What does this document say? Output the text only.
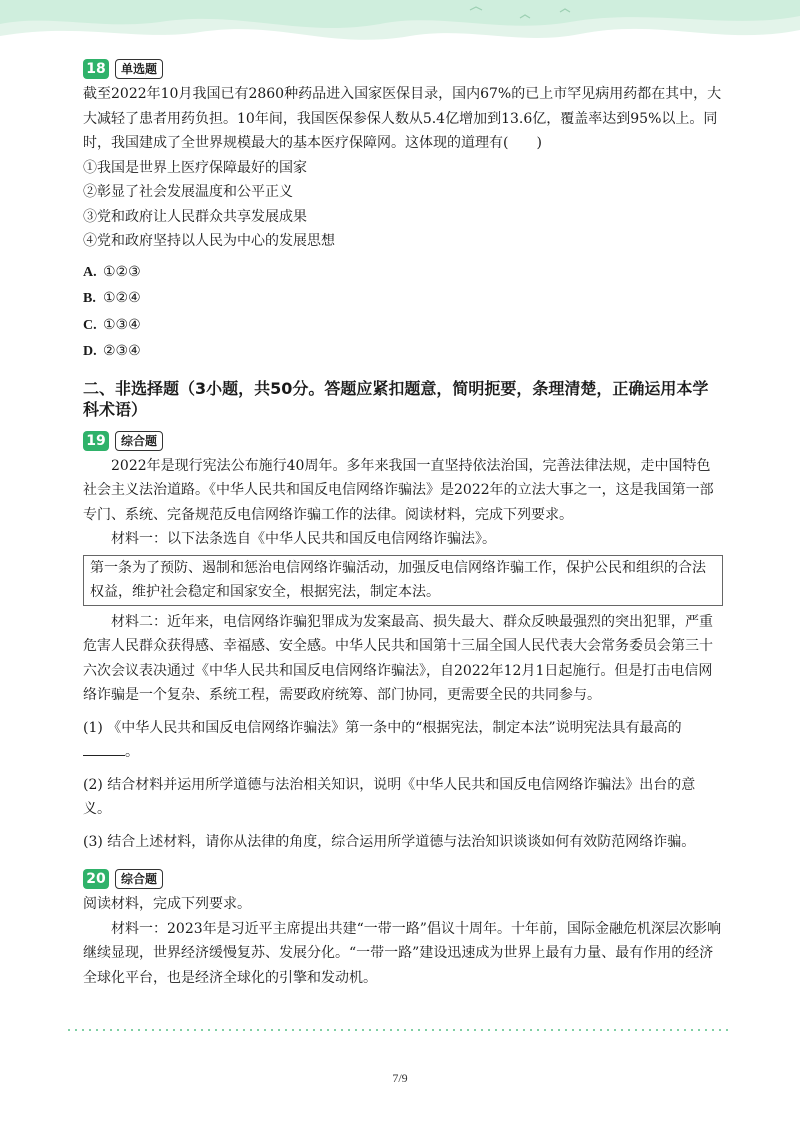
18	单选题

截至2022年10月我国已有2860种药品进入国家医保目录，国内67%的已上市罕见病用药都在其中，大大减轻了患者用药负担。10年间，我国医保参保人数从5.4亿增加到13.6亿，覆盖率达到95%以上。同时，我国建成了全世界规模最大的基本医疗保障网。这体现的道理有(　　)

①我国是世界上医疗保障最好的国家

②彰显了社会发展温度和公平正义

③党和政府让人民群众共享发展成果

④党和政府坚持以人民为中心的发展思想

A. ①②③
B. ①②④
C. ①③④
D. ②③④
二、非选择题（3小题，共50分。答题应紧扣题意，简明扼要，条理清楚，正确运用本学科术语）
19	综合题

2022年是现行宪法公布施行40周年。多年来我国一直坚持依法治国，完善法律法规，走中国特色社会主义法治道路。《中华人民共和国反电信网络诈骗法》是2022年的立法大事之一，这是我国第一部专门、系统、完备规范反电信网络诈骗工作的法律。阅读材料，完成下列要求。

材料一：以下法条选自《中华人民共和国反电信网络诈骗法》。

第一条为了预防、遏制和惩治电信网络诈骗活动，加强反电信网络诈骗工作，保护公民和组织的合法权益，维护社会稳定和国家安全，根据宪法，制定本法。

材料二：近年来，电信网络诈骗犯罪成为发案最高、损失最大、群众反映最强烈的突出犯罪，严重危害人民群众获得感、幸福感、安全感。中华人民共和国第十三届全国人民代表大会常务委员会第三十六次会议表决通过《中华人民共和国反电信网络诈骗法》，自2022年12月1日起施行。但是打击电信网络诈骗是一个复杂、系统工程，需要政府统筹、部门协同，更需要全民的共同参与。

(1) 《中华人民共和国反电信网络诈骗法》第一条中的“根据宪法，制定本法”说明宪法具有最高的。

(2) 结合材料并运用所学道德与法治相关知识，说明《中华人民共和国反电信网络诈骗法》出台的意义。

(3) 结合上述材料，请你从法律的角度，综合运用所学道德与法治知识谈谈如何有效防范网络诈骗。

20	综合题

阅读材料，完成下列要求。

材料一：2023年是习近平主席提出共建“一带一路”倡议十周年。十年前，国际金融危机深层次影响继续显现，世界经济缓慢复苏、发展分化。“一带一路”建设迅速成为世界上最有力量、最有作用的经济全球化平台，也是经济全球化的引擎和发动机。

7/9
